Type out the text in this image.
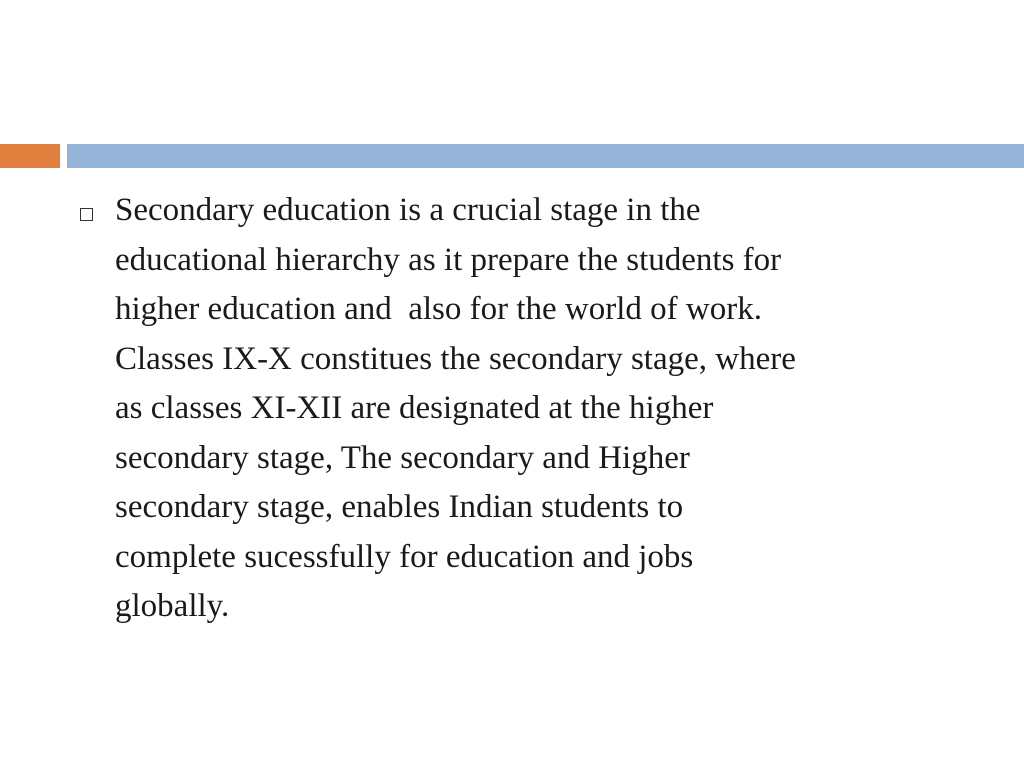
Secondary education is a crucial stage in the
educational hierarchy as it prepare the students for
higher education and  also for the world of work.
Classes IX-X constitues the secondary stage, where
as classes XI-XII are designated at the higher
secondary stage, The secondary and Higher
secondary stage, enables Indian students to
complete sucessfully for education and jobs
globally.
